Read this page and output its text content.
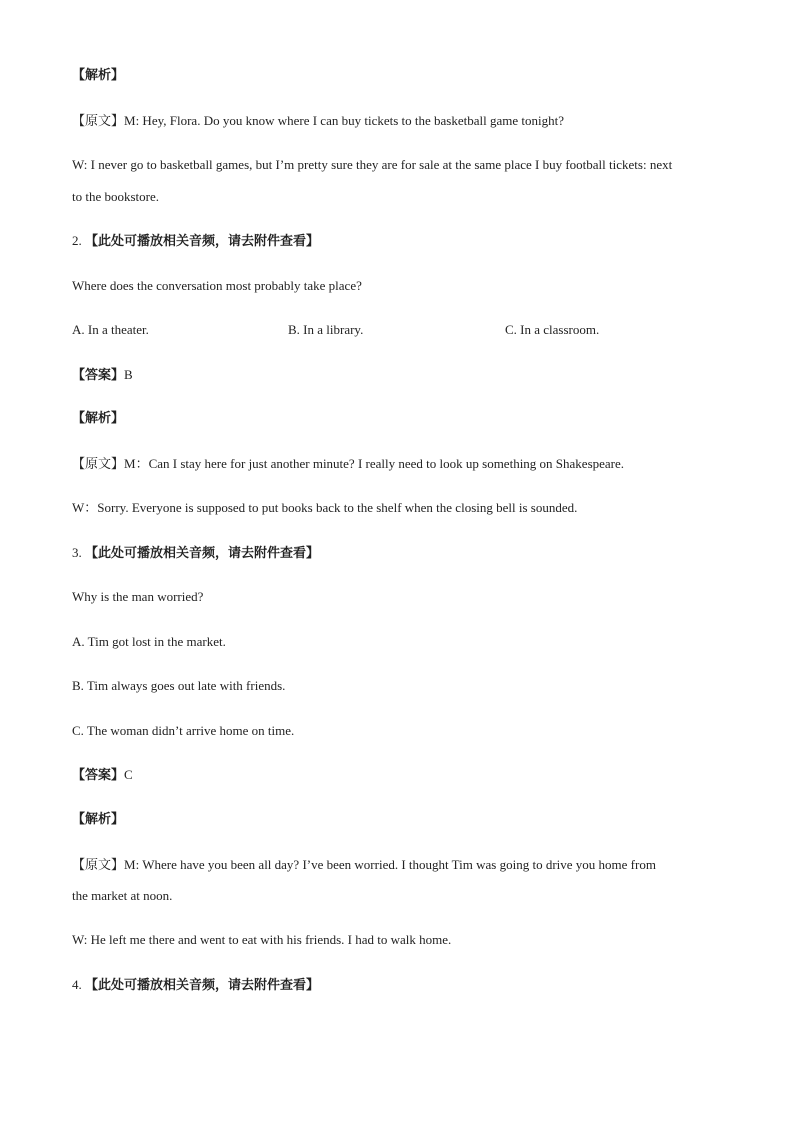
【解析】
【原文】M: Hey, Flora. Do you know where I can buy tickets to the basketball game tonight?
W: I never go to basketball games, but I’m pretty sure they are for sale at the same place I buy football tickets: next
to the bookstore.
2. 【此处可播放相关音频，请去附件查看】
Where does the conversation most probably take place?
A. In a theater.	B. In a library.	C. In a classroom.
【答案】B
【解析】
【原文】M：Can I stay here for just another minute? I really need to look up something on Shakespeare.
W：Sorry. Everyone is supposed to put books back to the shelf when the closing bell is sounded.
3. 【此处可播放相关音频，请去附件查看】
Why is the man worried?
A. Tim got lost in the market.
B. Tim always goes out late with friends.
C. The woman didn’t arrive home on time.
【答案】C
【解析】
【原文】M: Where have you been all day? I’ve been worried. I thought Tim was going to drive you home from
the market at noon.
W: He left me there and went to eat with his friends. I had to walk home.
4. 【此处可播放相关音频，请去附件查看】
